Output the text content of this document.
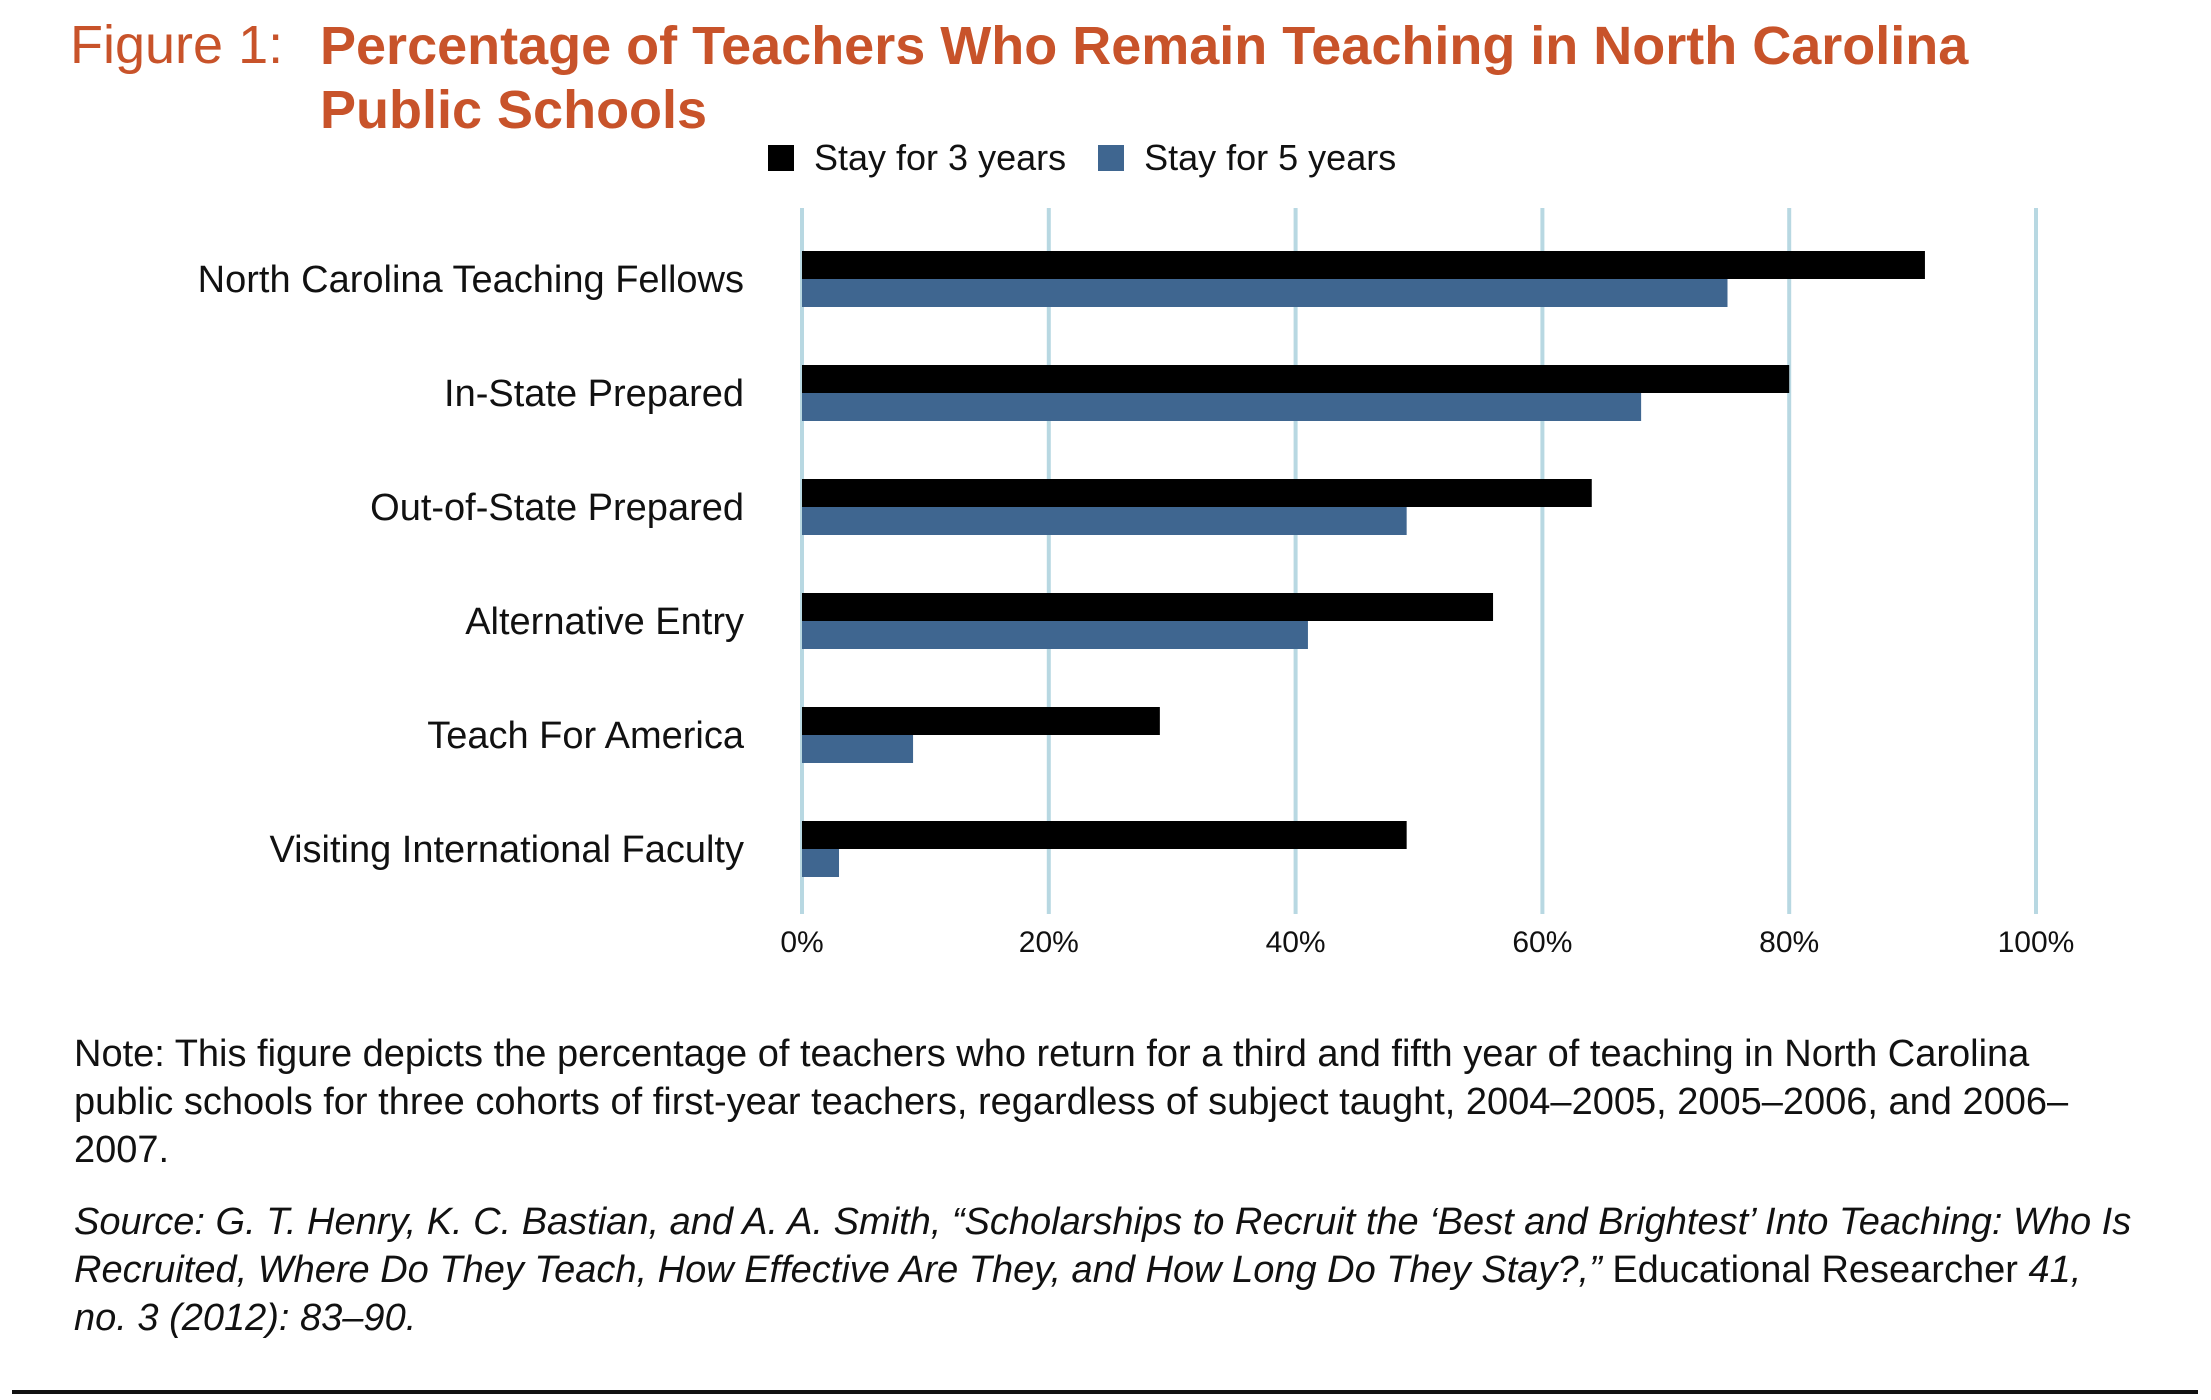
Figure 1: Percentage of Teachers Who Remain Teaching in North Carolina Public Schools
Stay for 3 years Stay for 5 years
0%	20%	40%	60%	80%	100%
North Carolina Teaching Fellows
In-State Prepared
Out-of-State Prepared
Alternative Entry
Teach For America
Visiting International Faculty
Note: This figure depicts the percentage of teachers who return for a third and fifth year of teaching in North Carolina public schools for three cohorts of first-year teachers, regardless of subject taught, 2004–2005, 2005–2006, and 2006–2007.
Source: G. T. Henry, K. C. Bastian, and A. A. Smith, “Scholarships to Recruit the ‘Best and Brightest’ Into Teaching: Who Is Recruited, Where Do They Teach, How Effective Are They, and How Long Do They Stay?,” Educational Researcher 41, no. 3 (2012): 83–90.
